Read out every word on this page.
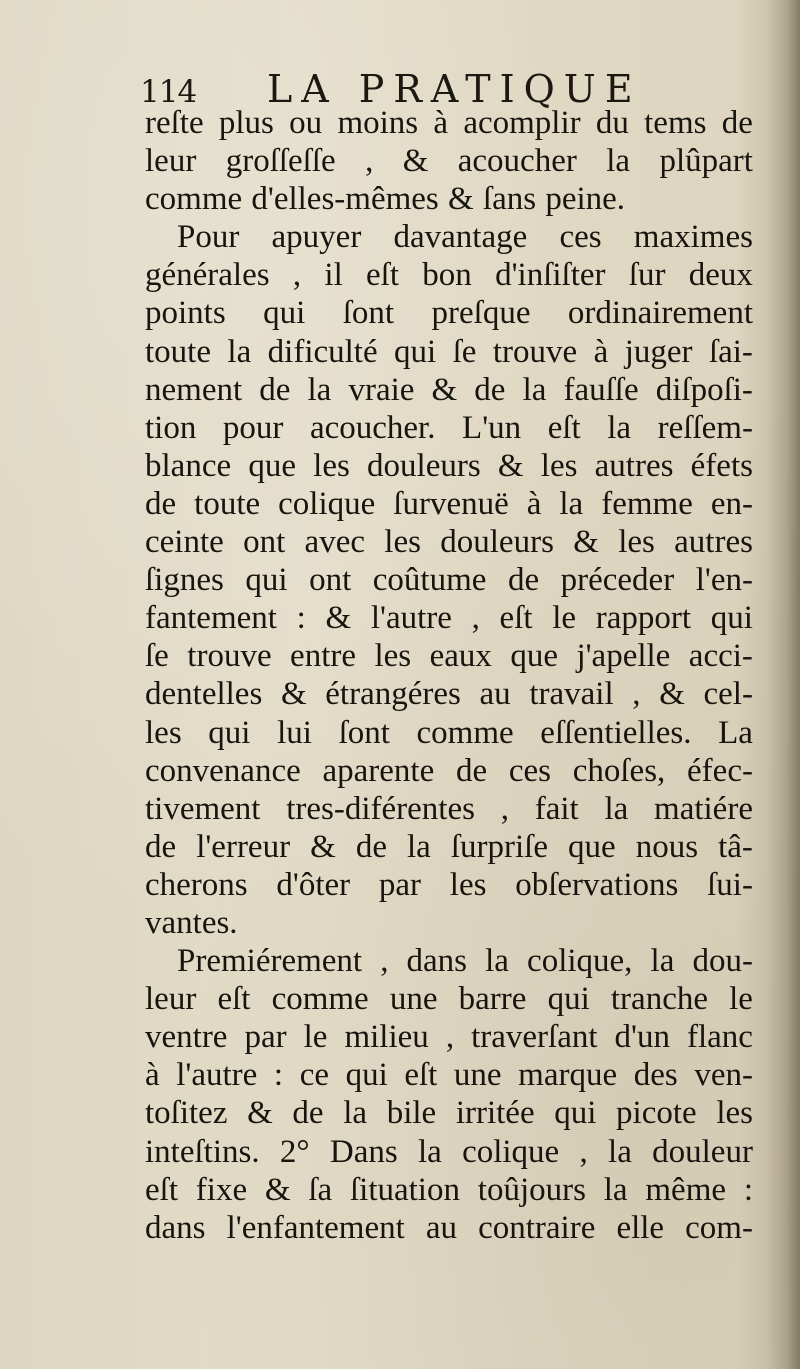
114 LA PRATIQUE
reſte plus ou moins à acomplir du tems de
leur groſſeſſe , & acoucher la plûpart
comme d'elles-mêmes & ſans peine.
Pour apuyer davantage ces maximes
générales , il eſt bon d'inſiſter ſur deux
points qui ſont preſque ordinairement
toute la dificulté qui ſe trouve à juger ſai-
nement de la vraie & de la fauſſe diſpoſi-
tion pour acoucher. L'un eſt la reſſem-
blance que les douleurs & les autres éfets
de toute colique ſurvenuë à la femme en-
ceinte ont avec les douleurs & les autres
ſignes qui ont coûtume de préceder l'en-
fantement : & l'autre , eſt le rapport qui
ſe trouve entre les eaux que j'apelle acci-
dentelles & étrangéres au travail , & cel-
les qui lui ſont comme eſſentielles. La
convenance aparente de ces choſes, éfec-
tivement tres-diférentes , fait la matiére
de l'erreur & de la ſurpriſe que nous tâ-
cherons d'ôter par les obſervations ſui-
vantes.
Premiérement , dans la colique, la dou-
leur eſt comme une barre qui tranche le
ventre par le milieu , traverſant d'un flanc
à l'autre : ce qui eſt une marque des ven-
toſitez & de la bile irritée qui picote les
inteſtins. 2° Dans la colique , la douleur
eſt fixe & ſa ſituation toûjours la même :
dans l'enfantement au contraire elle com-
